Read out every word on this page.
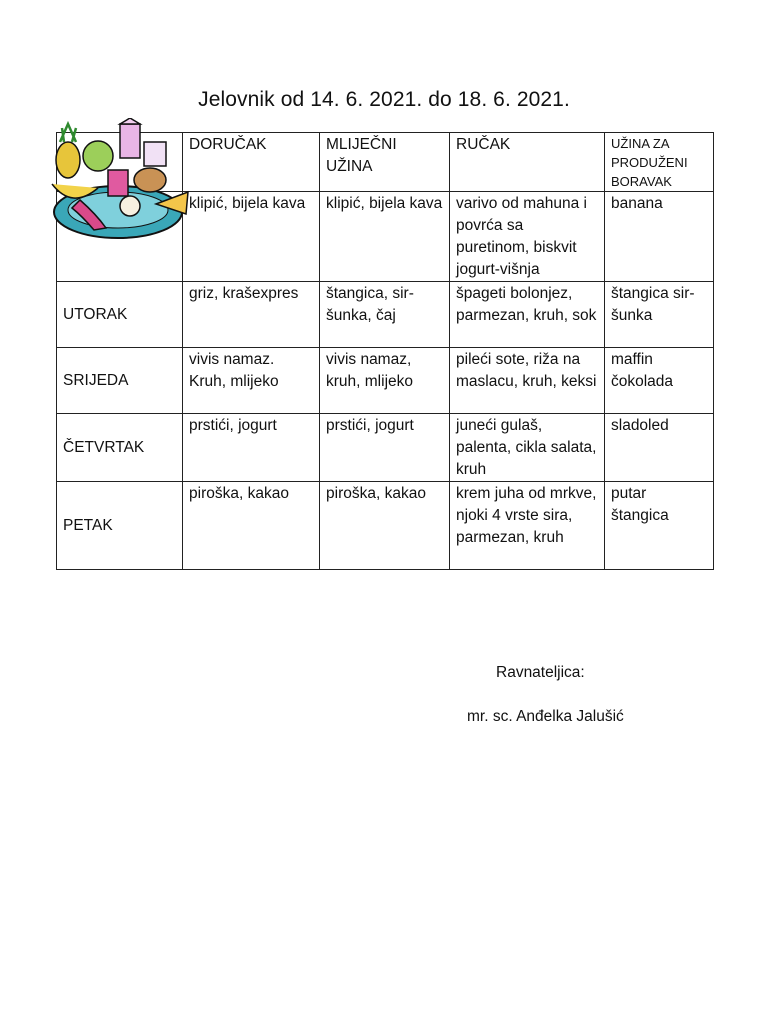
Jelovnik od 14. 6. 2021. do 18. 6. 2021.
	DORUČAK	MLIJEČNI UŽINA	RUČAK	UŽINA ZA PRODUŽENI BORAVAK
	klipić, bijela kava	klipić, bijela kava	varivo od mahuna i povrća sa puretinom, biskvit jogurt-višnja	banana
UTORAK	griz, krašexpres	štangica, sir-šunka, čaj	špageti bolonjez, parmezan, kruh, sok	štangica sir-šunka
SRIJEDA	vivis namaz. Kruh, mlijeko	vivis namaz, kruh, mlijeko	pileći sote, riža na maslacu, kruh, keksi	maffin čokolada
ČETVRTAK	prstići, jogurt	prstići, jogurt	juneći gulaš, palenta, cikla salata, kruh	sladoled
PETAK	piroška, kakao	piroška, kakao	krem juha od mrkve, njoki 4 vrste sira, parmezan, kruh	putar štangica
Ravnateljica:
mr. sc. Anđelka Jalušić
